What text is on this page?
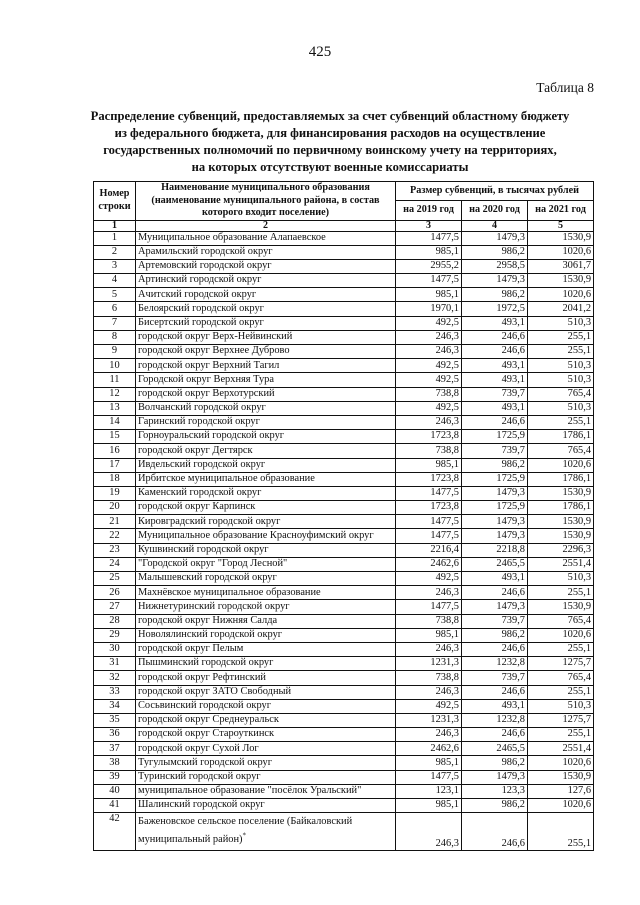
425
Таблица 8
Распределение субвенций, предоставляемых за счет субвенций областному бюджету
из федерального бюджета, для финансирования расходов на осуществление
государственных полномочий по первичному воинскому учету на территориях,
на которых отсутствуют военные комиссариаты
Номер строки	Наименование муниципального образования (наименование муниципального района, в состав которого входит поселение)	Размер субвенций, в тысячах рублей		
		на 2019 год	на 2020 год	на 2021 год
1	2	3	4	5
1	Муниципальное образование Алапаевское	1477,5	1479,3	1530,9
2	Арамильский городской округ	985,1	986,2	1020,6
3	Артемовский городской округ	2955,2	2958,5	3061,7
4	Артинский городской округ	1477,5	1479,3	1530,9
5	Ачитский городской округ	985,1	986,2	1020,6
6	Белоярский городской округ	1970,1	1972,5	2041,2
7	Бисертский городской округ	492,5	493,1	510,3
8	городской округ Верх-Нейвинский	246,3	246,6	255,1
9	городской округ Верхнее Дуброво	246,3	246,6	255,1
10	городской округ Верхний Тагил	492,5	493,1	510,3
11	Городской округ Верхняя Тура	492,5	493,1	510,3
12	городской округ Верхотурский	738,8	739,7	765,4
13	Волчанский городской округ	492,5	493,1	510,3
14	Гаринский городской округ	246,3	246,6	255,1
15	Горноуральский городской округ	1723,8	1725,9	1786,1
16	городской округ Дегтярск	738,8	739,7	765,4
17	Ивдельский городской округ	985,1	986,2	1020,6
18	Ирбитское муниципальное образование	1723,8	1725,9	1786,1
19	Каменский городской округ	1477,5	1479,3	1530,9
20	городской округ Карпинск	1723,8	1725,9	1786,1
21	Кировградский городской округ	1477,5	1479,3	1530,9
22	Муниципальное образование Красноуфимский округ	1477,5	1479,3	1530,9
23	Кушвинский городской округ	2216,4	2218,8	2296,3
24	"Городской округ "Город Лесной"	2462,6	2465,5	2551,4
25	Малышевский городской округ	492,5	493,1	510,3
26	Махнёвское муниципальное образование	246,3	246,6	255,1
27	Нижнетуринский городской округ	1477,5	1479,3	1530,9
28	городской округ Нижняя Салда	738,8	739,7	765,4
29	Новолялинский городской округ	985,1	986,2	1020,6
30	городской округ Пелым	246,3	246,6	255,1
31	Пышминский городской округ	1231,3	1232,8	1275,7
32	городской округ Рефтинский	738,8	739,7	765,4
33	городской округ ЗАТО Свободный	246,3	246,6	255,1
34	Сосьвинский городской округ	492,5	493,1	510,3
35	городской округ Среднеуральск	1231,3	1232,8	1275,7
36	городской округ Староуткинск	246,3	246,6	255,1
37	городской округ Сухой Лог	2462,6	2465,5	2551,4
38	Тугулымский городской округ	985,1	986,2	1020,6
39	Туринский городской округ	1477,5	1479,3	1530,9
40	муниципальное образование "посёлок Уральский"	123,1	123,3	127,6
41	Шалинский городской округ	985,1	986,2	1020,6
42	Баженовское сельское поселение (Байкаловский муниципальный район)*	246,3	246,6	255,1
